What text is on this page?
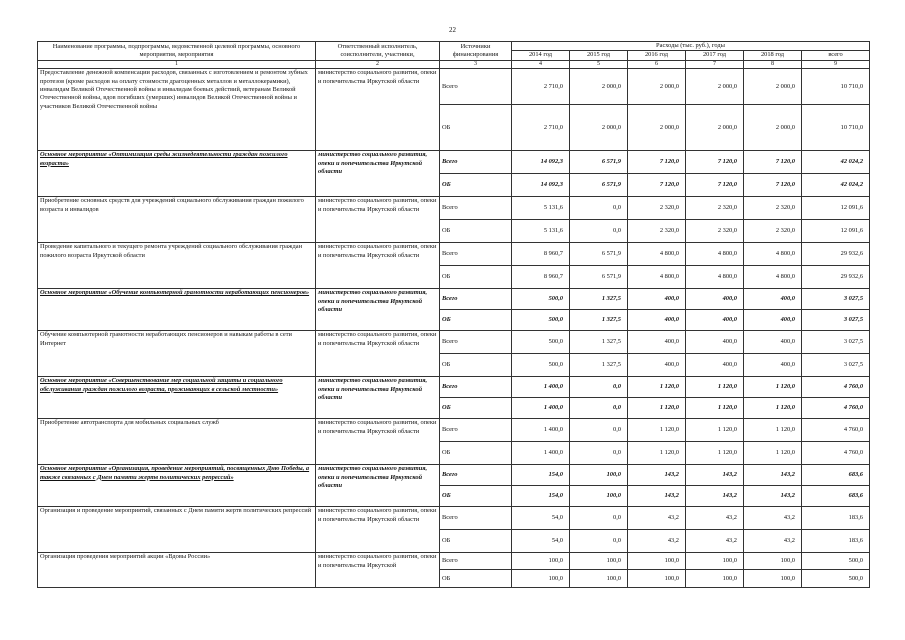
22
Наименование программы, подпрограммы, ведомственной целевой программы, основного мероприятия, мероприятия	Ответственный исполнитель, соисполнители, участники,	Источники финансирования	Расходы (тыс. руб.), годы					
			2014 год	2015 год	2016 год	2017 год	2018 год	всего
1	2	3	4	5	6	7	8	9
Предоставление денежной компенсации расходов, связанных с изготовлением и ремонтом зубных протезов (кроме расходов на оплату стоимости драгоценных металлов и металлокерамики), инвалидам Великой Отечественной войны и инвалидам боевых действий, ветеранам Великой Отечественной войны, вдов погибших (умерших) инвалидов Великой Отечественной войны и участников Великой Отечественной войны	министерство социального развития, опеки и попечительства Иркутской области	Всего	2 710,0	2 000,0	2 000,0	2 000,0	2 000,0	10 710,0
		ОБ	2 710,0	2 000,0	2 000,0	2 000,0	2 000,0	10 710,0
Основное мероприятие «Оптимизация среды жизнедеятельности граждан пожилого возраста»	министерство социального развития, опеки и попечительства Иркутской области	Всего	14 092,3	6 571,9	7 120,0	7 120,0	7 120,0	42 024,2
		ОБ	14 092,3	6 571,9	7 120,0	7 120,0	7 120,0	42 024,2
Приобретение основных средств для учреждений социального обслуживания граждан пожилого возраста и инвалидов	министерство социального развития, опеки и попечительства Иркутской области	Всего	5 131,6	0,0	2 320,0	2 320,0	2 320,0	12 091,6
		ОБ	5 131,6	0,0	2 320,0	2 320,0	2 320,0	12 091,6
Проведение капитального и текущего ремонта учреждений социального обслуживания граждан пожилого возраста Иркутской области	министерство социального развития, опеки и попечительства Иркутской области	Всего	8 960,7	6 571,9	4 800,0	4 800,0	4 800,0	29 932,6
		ОБ	8 960,7	6 571,9	4 800,0	4 800,0	4 800,0	29 932,6
Основное мероприятие «Обучение компьютерной грамотности неработающих пенсионеров»	министерство социального развития, опеки и попечительства Иркутской области	Всего	500,0	1 327,5	400,0	400,0	400,0	3 027,5
		ОБ	500,0	1 327,5	400,0	400,0	400,0	3 027,5
Обучение компьютерной грамотности неработающих пенсионеров и навыкам работы в сети Интернет	министерство социального развития, опеки и попечительства Иркутской области	Всего	500,0	1 327,5	400,0	400,0	400,0	3 027,5
		ОБ	500,0	1 327,5	400,0	400,0	400,0	3 027,5
Основное мероприятие «Совершенствование мер социальной защиты и социального обслуживания граждан пожилого возраста, проживающих в сельской местности»	министерство социального развития, опеки и попечительства Иркутской области	Всего	1 400,0	0,0	1 120,0	1 120,0	1 120,0	4 760,0
		ОБ	1 400,0	0,0	1 120,0	1 120,0	1 120,0	4 760,0
Приобретение автотранспорта для мобильных социальных служб	министерство социального развития, опеки и попечительства Иркутской области	Всего	1 400,0	0,0	1 120,0	1 120,0	1 120,0	4 760,0
		ОБ	1 400,0	0,0	1 120,0	1 120,0	1 120,0	4 760,0
Основное мероприятие «Организация, проведение мероприятий, посвященных Дню Победы, а также связанных с Днем памяти жертв политических репрессий»	министерство социального развития, опеки и попечительства Иркутской области	Всего	154,0	100,0	143,2	143,2	143,2	683,6
		ОБ	154,0	100,0	143,2	143,2	143,2	683,6
Организация и проведение мероприятий, связанных с Днем памяти жертв политических репрессий	министерство социального развития, опеки и попечительства Иркутской области	Всего	54,0	0,0	43,2	43,2	43,2	183,6
		ОБ	54,0	0,0	43,2	43,2	43,2	183,6
Организация проведения мероприятий акции «Вдовы России»	министерство социального развития, опеки и попечительства Иркутской	Всего	100,0	100,0	100,0	100,0	100,0	500,0
		ОБ	100,0	100,0	100,0	100,0	100,0	500,0
